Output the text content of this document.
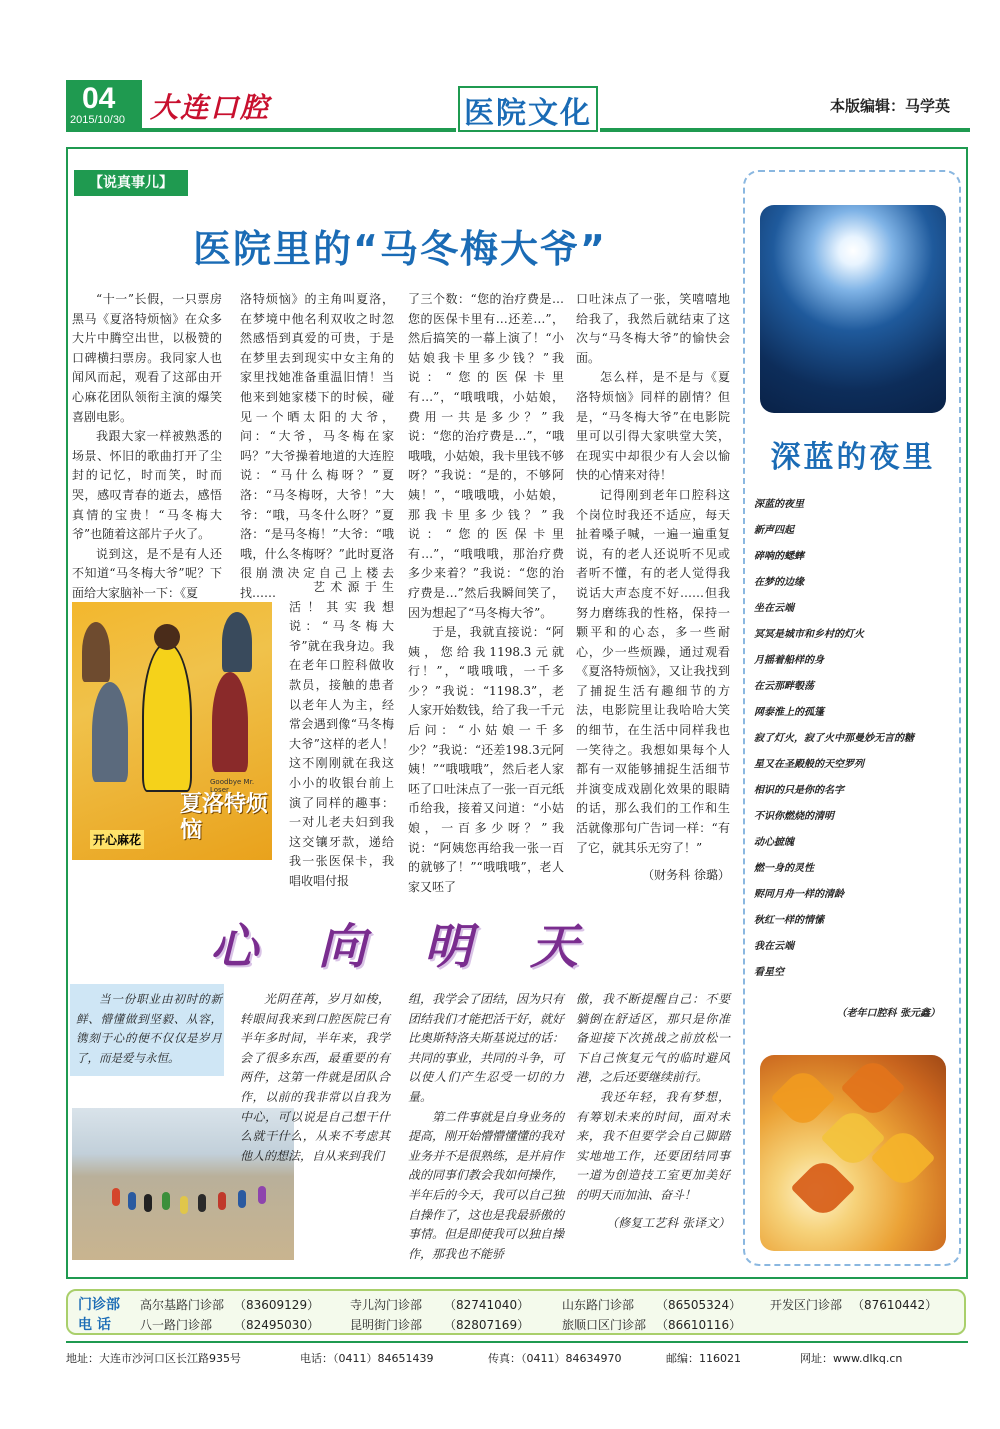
04
2015/10/30 大连口腔	医院文化	本版编辑：马学英
【说真事儿】
医院里的“马冬梅大爷”

“十一”长假，一只票房黑马《夏洛特烦恼》在众多大片中腾空出世，以极赞的口碑横扫票房。我同家人也闻风而起，观看了这部由开心麻花团队领衔主演的爆笑喜剧电影。

我跟大家一样被熟悉的场景、怀旧的歌曲打开了尘封的记忆，时而笑，时而哭，感叹青春的逝去，感悟真情的宝贵！“马冬梅大爷”也随着这部片子火了。

说到这，是不是有人还不知道“马冬梅大爷”呢？下面给大家脑补一下：《夏

洛特烦恼》的主角叫夏洛，在梦境中他名利双收之时忽然感悟到真爱的可贵，于是在梦里去到现实中女主角的家里找她准备重温旧情！当他来到她家楼下的时候，碰见一个晒太阳的大爷，问：“大爷，马冬梅在家吗？”大爷操着地道的大连腔说：“马什么梅呀？”夏洛：“马冬梅呀，大爷！”大爷：“哦，马冬什么呀？”夏洛：“是马冬梅！”大爷：“哦哦，什么冬梅呀？”此时夏洛很崩溃决定自己上楼去找……	艺术源于生活！其实我想说：“马冬梅大爷”就在我身边。我在老年口腔科做收款员，接触的患者以老年人为主，经常会遇到像“马冬梅大爷”这样的老人！这不刚刚就在我这小小的收银台前上演了同样的趣事：一对儿老夫妇到我这交镶牙款，递给我一张医保卡，我唱收唱付报

了三个数：“您的治疗费是…您的医保卡里有…还差…”，然后搞笑的一幕上演了！“小姑娘我卡里多少钱？”我说：“您的医保卡里有…”，“哦哦哦，小姑娘，费用一共是多少？”我说：“您的治疗费是…”，“哦哦哦，小姑娘，我卡里钱不够呀？”我说：“是的，不够阿姨！”，“哦哦哦，小姑娘，那我卡里多少钱？”我说：“您的医保卡里有…”，“哦哦哦，那治疗费多少来着？”我说：“您的治疗费是…”然后我瞬间笑了，因为想起了“马冬梅大爷”。

于是，我就直接说：“阿姨，您给我1198.3元就行！”，“哦哦哦，一千多少？”我说：“1198.3”，老人家开始数钱，给了我一千元后问：“小姑娘一千多少？”我说：“还差198.3元阿姨！”“哦哦哦”，然后老人家呸了口吐沫点了一张一百元纸币给我，接着又问道：“小姑娘，一百多少呀？”我说：“阿姨您再给我一张一百的就够了！”“哦哦哦”，老人家又呸了

口吐沫点了一张，笑嘻嘻地给我了，我然后就结束了这次与“马冬梅大爷”的愉快会面。

怎么样，是不是与《夏洛特烦恼》同样的剧情？但是，“马冬梅大爷”在电影院里可以引得大家哄堂大笑，在现实中却很少有人会以愉快的心情来对待！

记得刚到老年口腔科这个岗位时我还不适应，每天扯着嗓子喊，一遍一遍重复说，有的老人还说听不见或者听不懂，有的老人觉得我说话大声态度不好……但我努力磨练我的性格，保持一颗平和的心态，多一些耐心，少一些烦躁，通过观看《夏洛特烦恼》，又让我找到了捕捉生活有趣细节的方法，电影院里让我哈哈大笑的细节，在生活中同样我也一笑待之。我想如果每个人都有一双能够捕捉生活细节并演变成戏剧化效果的眼睛的话，那么我们的工作和生活就像那句广告词一样：“有了它，就其乐无穷了！”

（财务科 徐璐）
Goodbye Mr. Loser
夏洛特烦恼
开心麻花
心 向 明 天

当一份职业由初时的新鲜、懵懂做到坚毅、从容，镌刻于心的便不仅仅是岁月了，而是爱与永恒。

光阴荏苒，岁月如梭，转眼间我来到口腔医院已有半年多时间，半年来，我学会了很多东西，最重要的有两件，这第一件就是团队合作，以前的我非常以自我为中心，可以说是自己想干什么就干什么，从来不考虑其他人的想法，自从来到我们

组，我学会了团结，因为只有团结我们才能把活干好，就好比奥斯特洛夫斯基说过的话：共同的事业，共同的斗争，可以使人们产生忍受一切的力量。

第二件事就是自身业务的提高，刚开始懵懵懂懂的我对业务并不是很熟练，是并肩作战的同事们教会我如何操作，半年后的今天，我可以自己独自操作了，这也是我最骄傲的事情。但是即使我可以独自操作，那我也不能骄

傲，我不断提醒自己：不要躺倒在舒适区，那只是你准备迎接下次挑战之前放松一下自己恢复元气的临时避风港，之后还要继续前行。

我还年轻，我有梦想，有筹划未来的时间，面对未来，我不但要学会自己脚踏实地地工作，还要团结同事一道为创造技工室更加美好的明天而加油、奋斗！

（修复工艺科 张译文）
深蓝的夜里
深蓝的夜里
新声四起
碎响的蟋蟀
在梦的边缘
坐在云端
冥冥是城市和乡村的灯火
月摇着船样的身
在云那畔彀荡
网泰淮上的孤篷
寂了灯火，寂了火中那曼妙无言的糖
星又在圣殿般的天空罗列
相识的只是你的名字
不识你燃烧的清明
动心摭魄
燃一身的灵性
赆同月舟一样的清龄
秋红一样的情愫
我在云端
看星空
（老年口腔科 张元鑫）
门诊部
电 话
高尔基路门诊部 （83609129）	寺儿沟门诊部 （82741040）	山东路门诊部 （86505324） 开发区门诊部 （87610442）
八一路门诊部 （82495030）	昆明街门诊部 （82807169）	旅顺口区门诊部 （86610116）
地址：大连市沙河口区长江路935号	电话：（0411）84651439	传真：（0411）84634970	邮编：116021	网址：www.dlkq.cn
